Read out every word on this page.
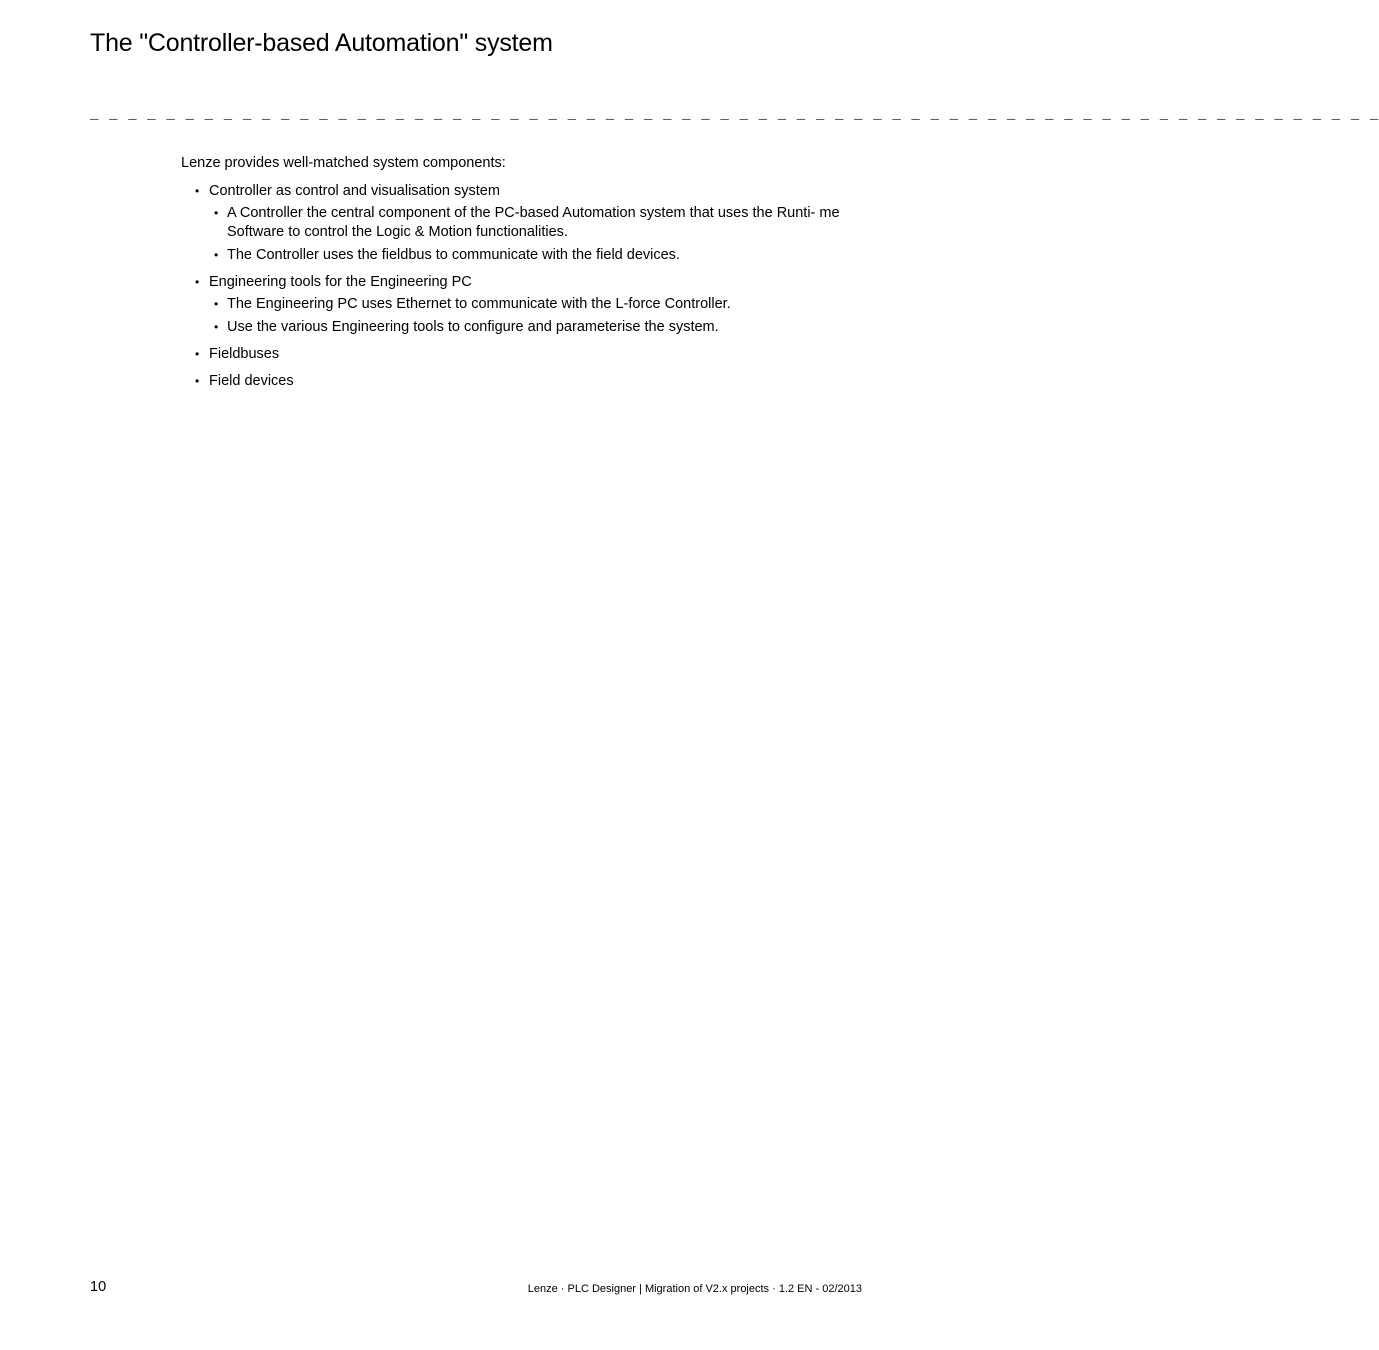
The "Controller-based Automation" system
_ _ _ _ _ _ _ _ _ _ _ _ _ _ _ _ _ _ _ _ _ _ _ _ _ _ _ _ _ _ _ _ _ _ _ _ _ _ _ _ _ _ _ _ _ _ _ _ _ _ _ _ _ _ _ _ _ _ _ _ _ _ _ _ _ _ _ _

Lenze provides well-matched system components:

• Controller as control and visualisation system
• A Controller the central component of the PC-based Automation system that uses the Runti- me Software to control the Logic & Motion functionalities.
• The Controller uses the fieldbus to communicate with the field devices.
• Engineering tools for the Engineering PC
• The Engineering PC uses Ethernet to communicate with the L-force Controller.
• Use the various Engineering tools to configure and parameterise the system.
• Fieldbuses
• Field devices
10	Lenze · PLC Designer | Migration of V2.x projects · 1.2 EN - 02/2013
